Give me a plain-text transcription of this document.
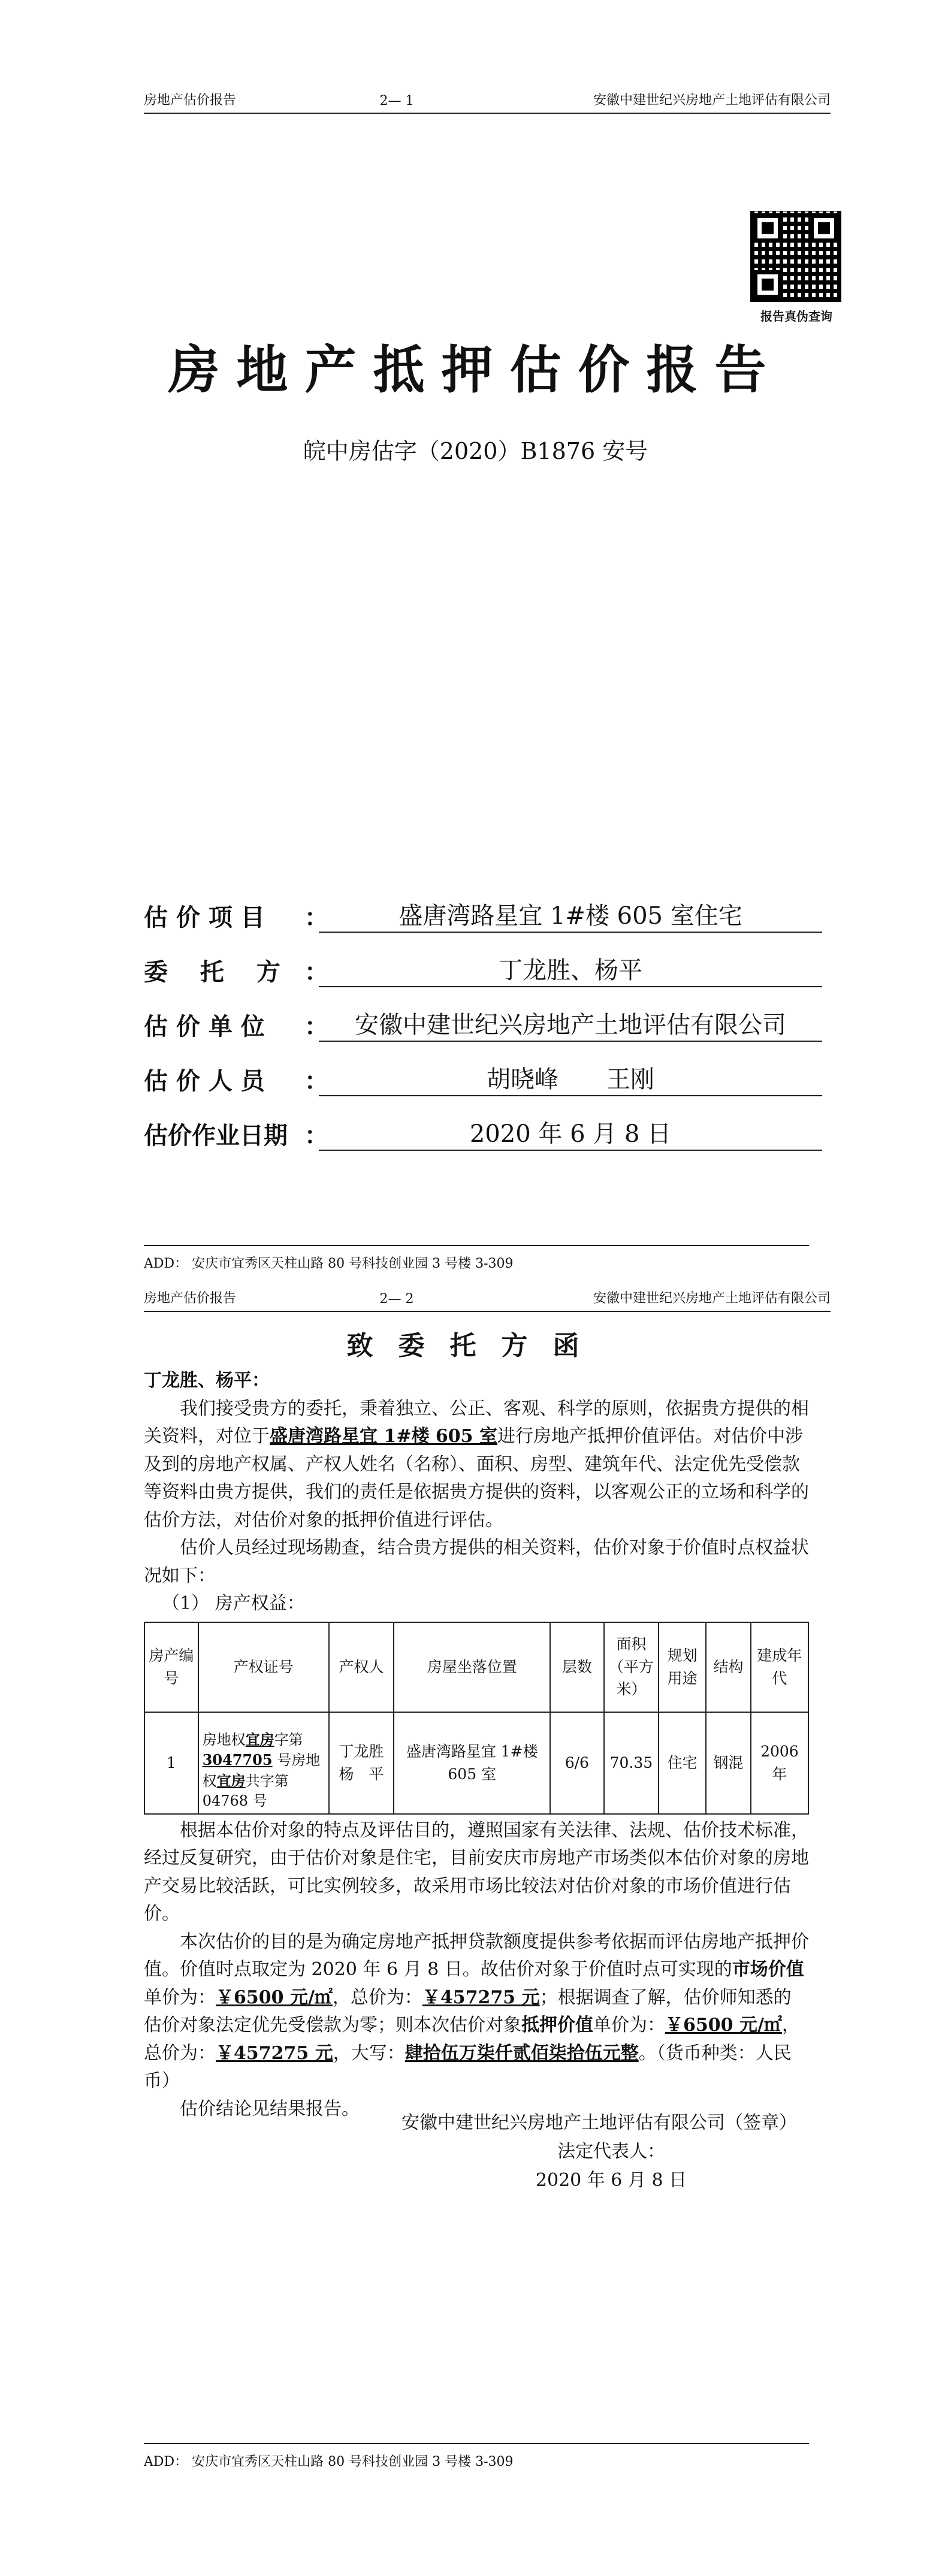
房地产估价报告	2— 1	安徽中建世纪兴房地产土地评估有限公司
报告真伪查询
房地产抵押估价报告
皖中房估字（2020）B1876 安号
估 价 项 目	：	盛唐湾路星宜 1#楼 605 室住宅
委　 托　 方	：	丁龙胜、杨平
估 价 单 位	：	安徽中建世纪兴房地产土地评估有限公司
估 价 人 员	：	胡晓峰　　王刚
估价作业日期 ：	2020 年 6 月 8 日
ADD： 安庆市宜秀区天柱山路 80 号科技创业园 3 号楼 3-309
房地产估价报告	2— 2	安徽中建世纪兴房地产土地评估有限公司
致委托方函

丁龙胜、杨平：

我们接受贵方的委托，秉着独立、公正、客观、科学的原则，依据贵方提供的相关资料，对位于盛唐湾路星宜 1#楼 605 室进行房地产抵押价值评估。对估价中涉及到的房地产权属、产权人姓名（名称）、面积、房型、建筑年代、法定优先受偿款等资料由贵方提供，我们的责任是依据贵方提供的资料，以客观公正的立场和科学的估价方法，对估价对象的抵押价值进行评估。

估价人员经过现场勘查，结合贵方提供的相关资料，估价对象于价值时点权益状况如下：

（1） 房产权益：

房产编号	产权证号	产权人	房屋坐落位置	层数	面积（平方米）	规划用途	结构	建成年代
1	房地权宜房字第 3047705 号房地权宜房共字第 04768 号	丁龙胜 杨　平	盛唐湾路星宜 1#楼 605 室	6/6	70.35	住宅	钢混	2006 年

根据本估价对象的特点及评估目的，遵照国家有关法律、法规、估价技术标准，经过反复研究，由于估价对象是住宅，目前安庆市房地产市场类似本估价对象的房地产交易比较活跃，可比实例较多，故采用市场比较法对估价对象的市场价值进行估价。

本次估价的目的是为确定房地产抵押贷款额度提供参考依据而评估房地产抵押价值。价值时点取定为 2020 年 6 月 8 日。故估价对象于价值时点可实现的市场价值单价为：￥6500 元/㎡，总价为：￥457275 元；根据调查了解，估价师知悉的估价对象法定优先受偿款为零；则本次估价对象抵押价值单价为：￥6500 元/㎡，总价为：￥457275 元，大写：肆拾伍万柒仟贰佰柒拾伍元整。（货币种类：人民币）

估价结论见结果报告。

安徽中建世纪兴房地产土地评估有限公司（签章）
法定代表人：
2020 年 6 月 8 日
ADD： 安庆市宜秀区天柱山路 80 号科技创业园 3 号楼 3-309
